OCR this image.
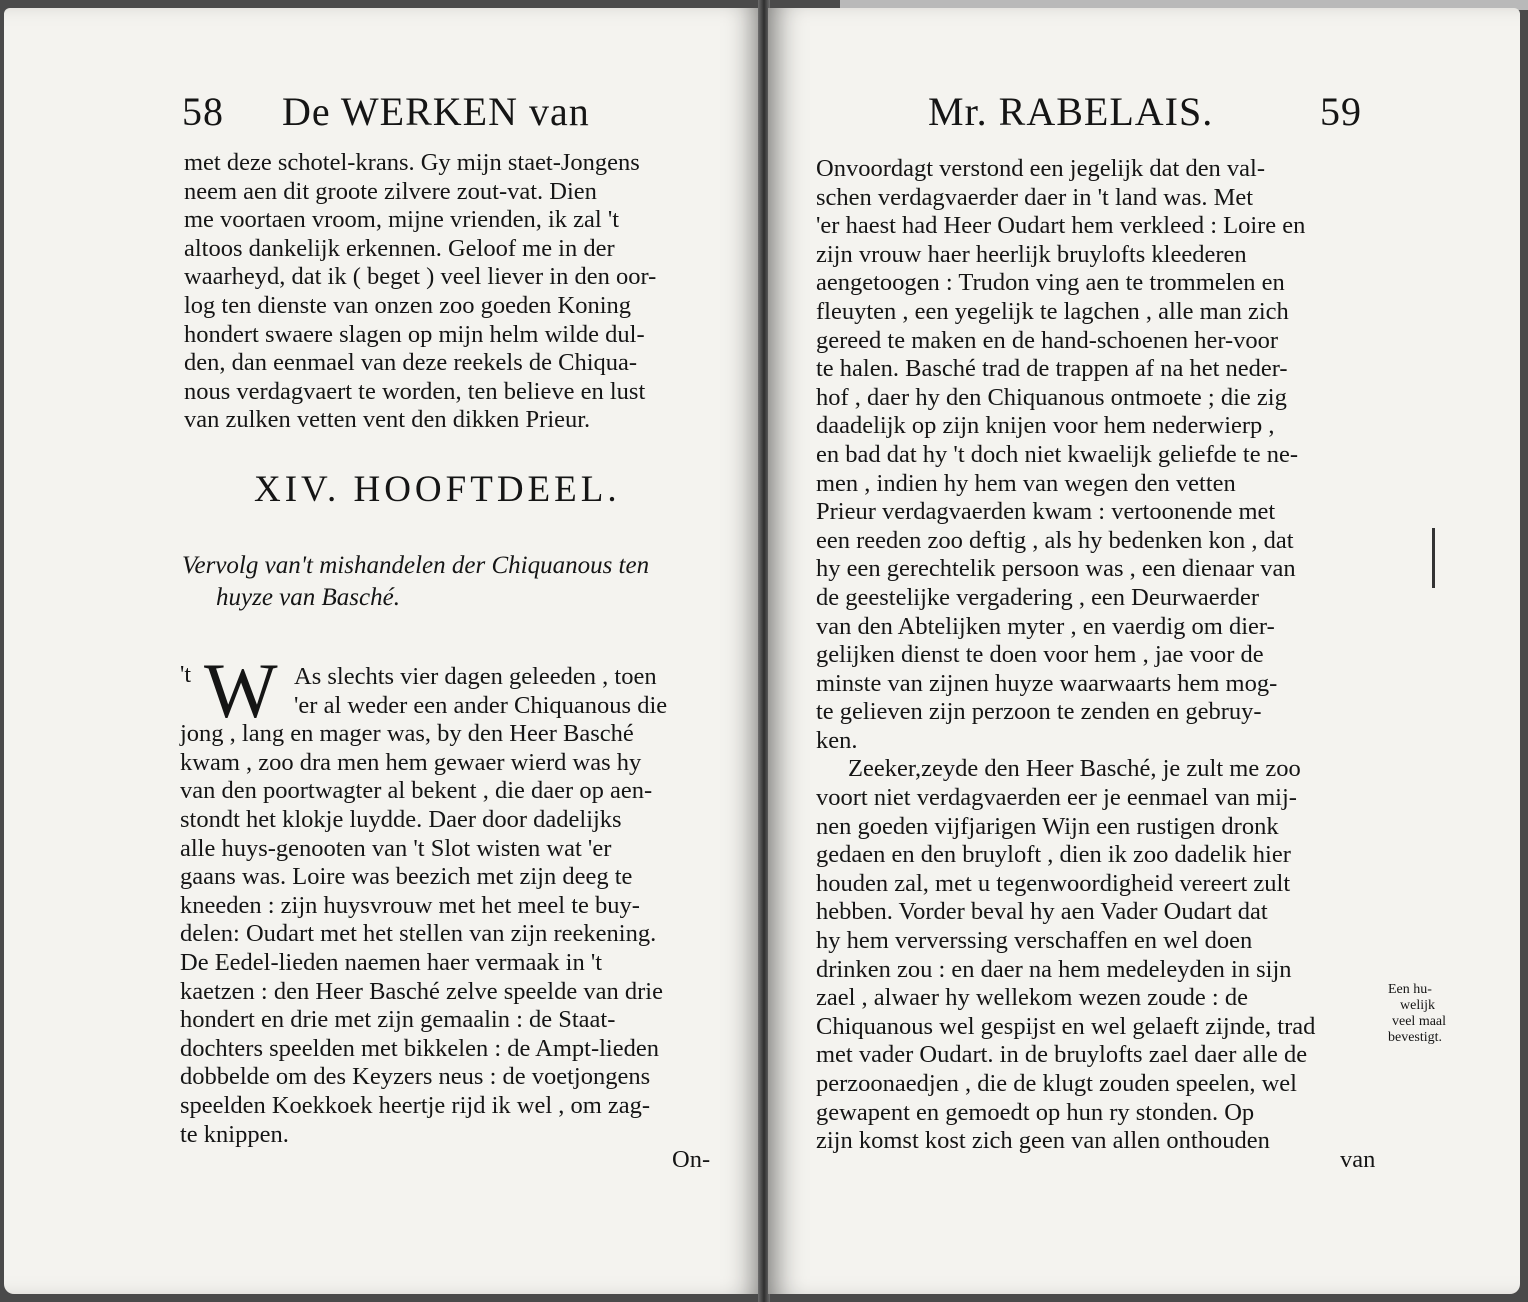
58 De WERKEN van
met deze schotel-krans. Gy mijn staet-Jongens
neem aen dit groote zilvere zout-vat. Dien
me voortaen vroom, mijne vrienden, ik zal 't
altoos dankelijk erkennen. Geloof me in der
waarheyd, dat ik ( beget ) veel liever in den oor-
log ten dienste van onzen zoo goeden Koning
hondert swaere slagen op mijn helm wilde dul-
den, dan eenmael van deze reekels de Chiqua-
nous verdagvaert te worden, ten believe en lust
van zulken vetten vent den dikken Prieur.
XIV. HOOFTDEEL.
Vervolg van't mishandelen der Chiquanous ten
huyze van Basché.
't W As slechts vier dagen geleeden , toen
'er al weder een ander Chiquanous die
jong , lang en mager was, by den Heer Basché
kwam , zoo dra men hem gewaer wierd was hy
van den poortwagter al bekent , die daer op aen-
stondt het klokje luydde. Daer door dadelijks
alle huys-genooten van 't Slot wisten wat 'er
gaans was. Loire was beezich met zijn deeg te
kneeden : zijn huysvrouw met het meel te buy-
delen: Oudart met het stellen van zijn reekening.
De Eedel-lieden naemen haer vermaak in 't
kaetzen : den Heer Basché zelve speelde van drie
hondert en drie met zijn gemaalin : de Staat-
dochters speelden met bikkelen : de Ampt-lieden
dobbelde om des Keyzers neus : de voetjongens
speelden Koekkoek heertje rijd ik wel , om zag-
te knippen.
On-
Mr. RABELAIS.	59
Onvoordagt verstond een jegelijk dat den val-
schen verdagvaerder daer in 't land was. Met
'er haest had Heer Oudart hem verkleed : Loire en
zijn vrouw haer heerlijk bruylofts kleederen
aengetoogen : Trudon ving aen te trommelen en
fleuyten , een yegelijk te lagchen , alle man zich
gereed te maken en de hand-schoenen her-voor
te halen. Basché trad de trappen af na het neder-
hof , daer hy den Chiquanous ontmoete ; die zig
daadelijk op zijn knijen voor hem nederwierp ,
en bad dat hy 't doch niet kwaelijk geliefde te ne-
men , indien hy hem van wegen den vetten
Prieur verdagvaerden kwam : vertoonende met
een reeden zoo deftig , als hy bedenken kon , dat
hy een gerechtelik persoon was , een dienaar van
de geestelijke vergadering , een Deurwaerder
van den Abtelijken myter , en vaerdig om dier-
gelijken dienst te doen voor hem , jae voor de
minste van zijnen huyze waarwaarts hem mog-
te gelieven zijn perzoon te zenden en gebruy-
ken.
Zeeker,zeyde den Heer Basché, je zult me zoo
voort niet verdagvaerden eer je eenmael van mij-
nen goeden vijfjarigen Wijn een rustigen dronk
gedaen en den bruyloft , dien ik zoo dadelik hier
houden zal, met u tegenwoordigheid vereert zult
hebben. Vorder beval hy aen Vader Oudart dat
hy hem ververssing verschaffen en wel doen
drinken zou : en daer na hem medeleyden in sijn
zael , alwaer hy wellekom wezen zoude : de
Chiquanous wel gespijst en wel gelaeft zijnde, trad
met vader Oudart. in de bruylofts zael daer alle de
perzoonaedjen , die de klugt zouden speelen, wel
gewapent en gemoedt op hun ry stonden. Op
zijn komst kost zich geen van allen onthouden
van
Een hu-
welijk
veel maal
bevestigt.
